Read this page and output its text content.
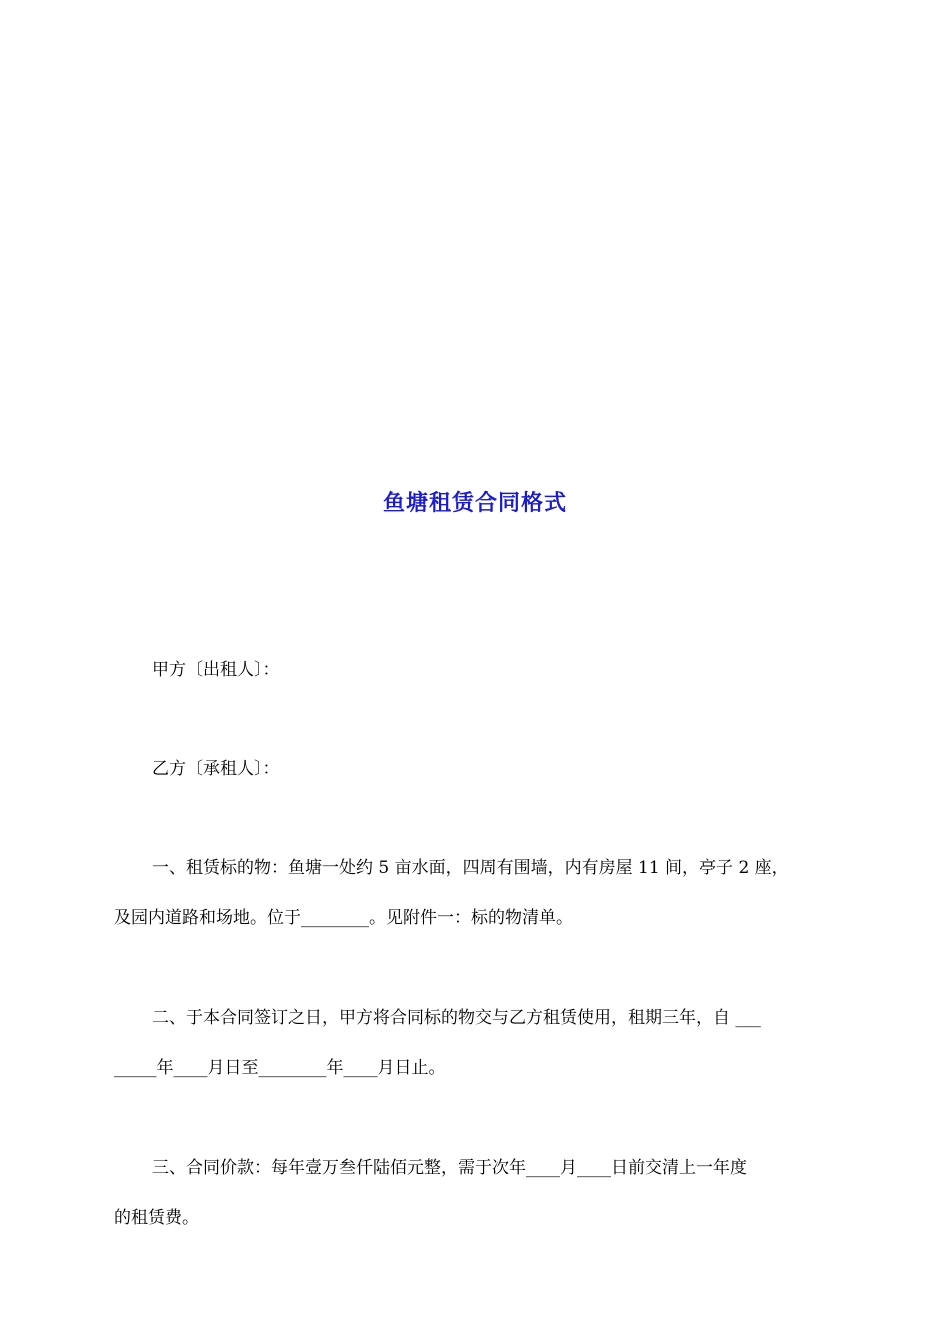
鱼塘租赁合同格式
甲方〔出租人〕：
乙方〔承租人〕：
一、租赁标的物：鱼塘一处约 5 亩水面，四周有围墙，内有房屋 11 间，亭子 2 座，
及园内道路和场地。位于________。见附件一：标的物清单。
二、于本合同签订之日，甲方将合同标的物交与乙方租赁使用，租期三年，自 ___
_____年____月日至________年____月日止。
三、合同价款：每年壹万叁仟陆佰元整，需于次年____月____日前交清上一年度
的租赁费。
